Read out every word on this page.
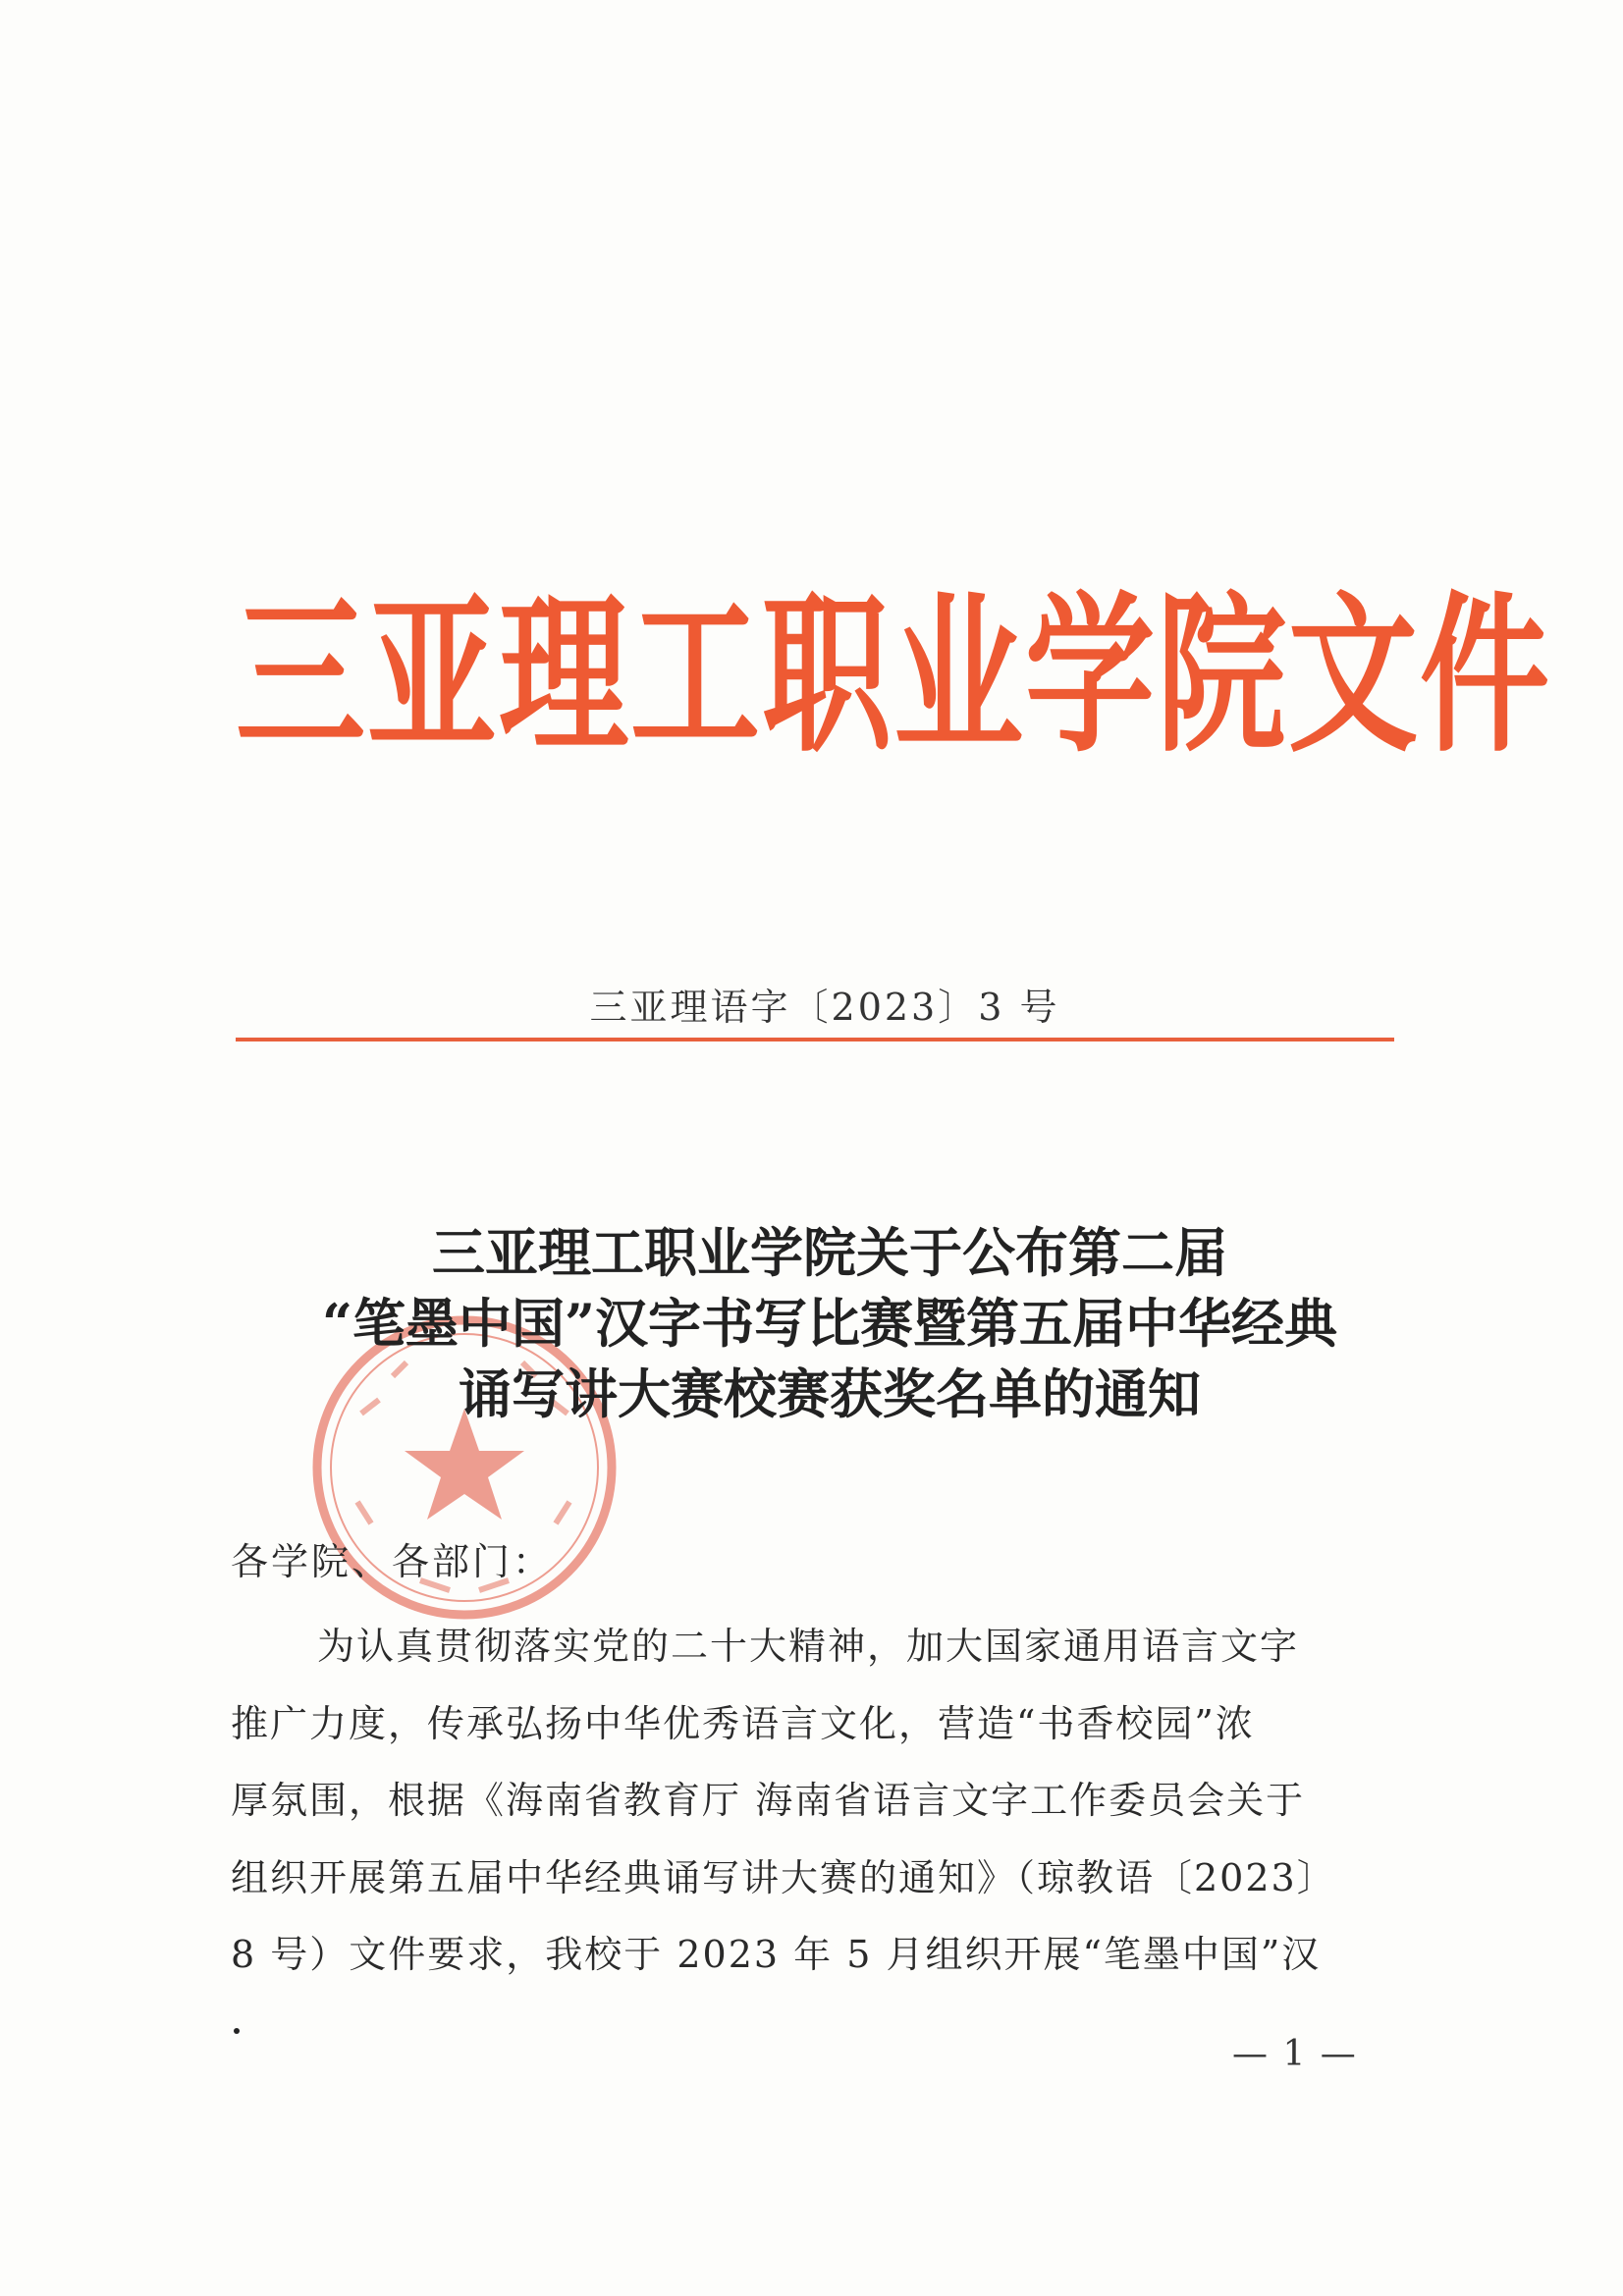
三亚理工职业学院文件
三亚理语字〔2023〕3 号
三亚理工职业学院关于公布第二届
“笔墨中国”汉字书写比赛暨第五届中华经典
诵写讲大赛校赛获奖名单的通知
各学院、各部门：
为认真贯彻落实党的二十大精神，加大国家通用语言文字
推广力度，传承弘扬中华优秀语言文化，营造“书香校园”浓
厚氛围，根据《海南省教育厅 海南省语言文字工作委员会关于
组织开展第五届中华经典诵写讲大赛的通知》（琼教语〔2023〕
8 号）文件要求，我校于 2023 年 5 月组织开展“笔墨中国”汉
— 1 —
